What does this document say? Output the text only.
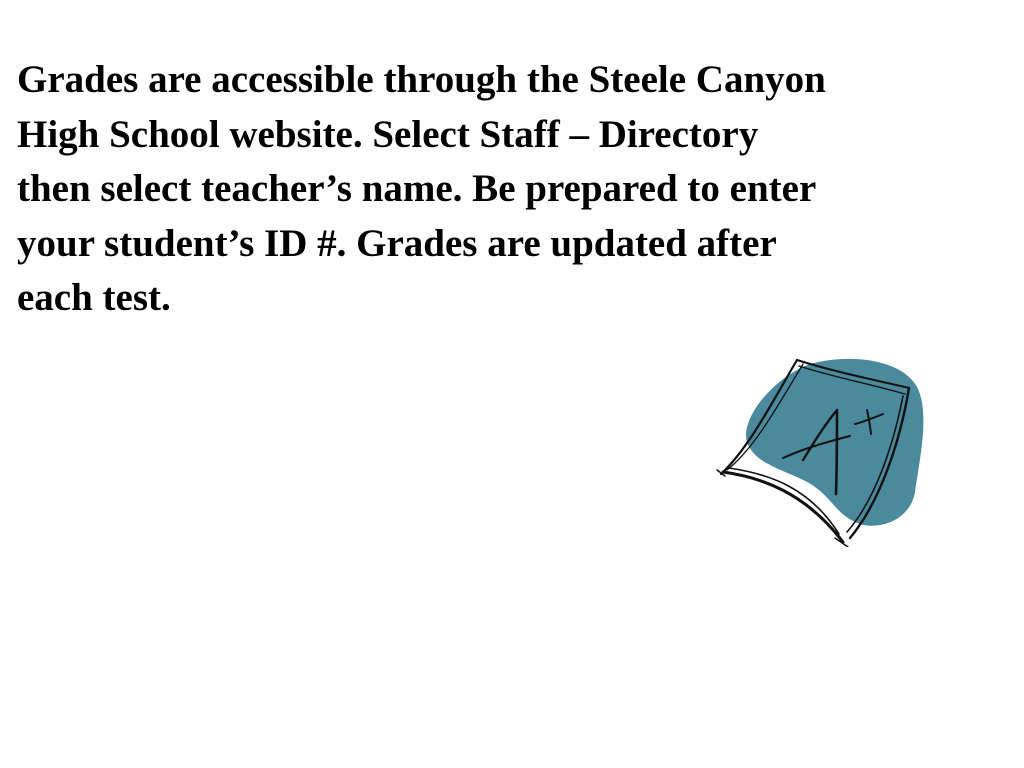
Grades are accessible through the Steele Canyon
High School website. Select Staff – Directory
then select teacher’s name. Be prepared to enter
your student’s ID #. Grades are updated after
each test.
